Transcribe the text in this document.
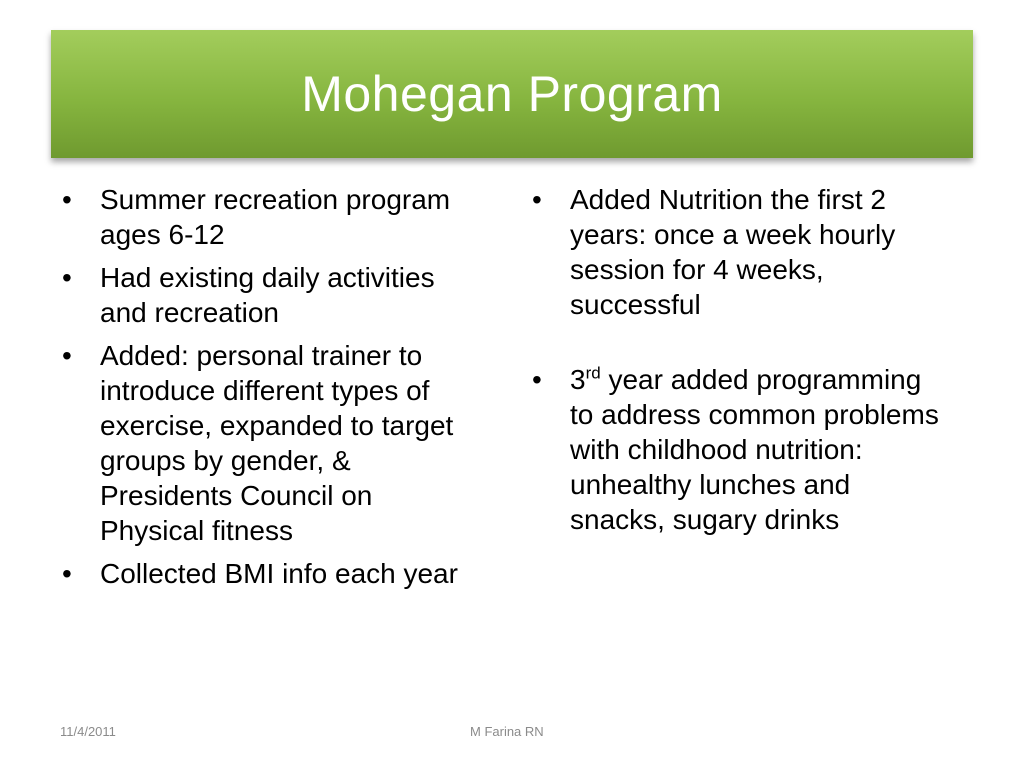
Mohegan Program
•	Summer recreation program ages 6-12
•	Had existing daily activities and recreation
•	Added: personal trainer to introduce different types of exercise, expanded to target groups by gender, & Presidents Council on Physical fitness
•	Collected BMI info each year
•	Added Nutrition the first 2 years: once a week hourly session for 4 weeks, successful
•	3rd year added programming to address common problems with childhood nutrition: unhealthy lunches and snacks, sugary drinks
11/4/2011	M Farina RN
